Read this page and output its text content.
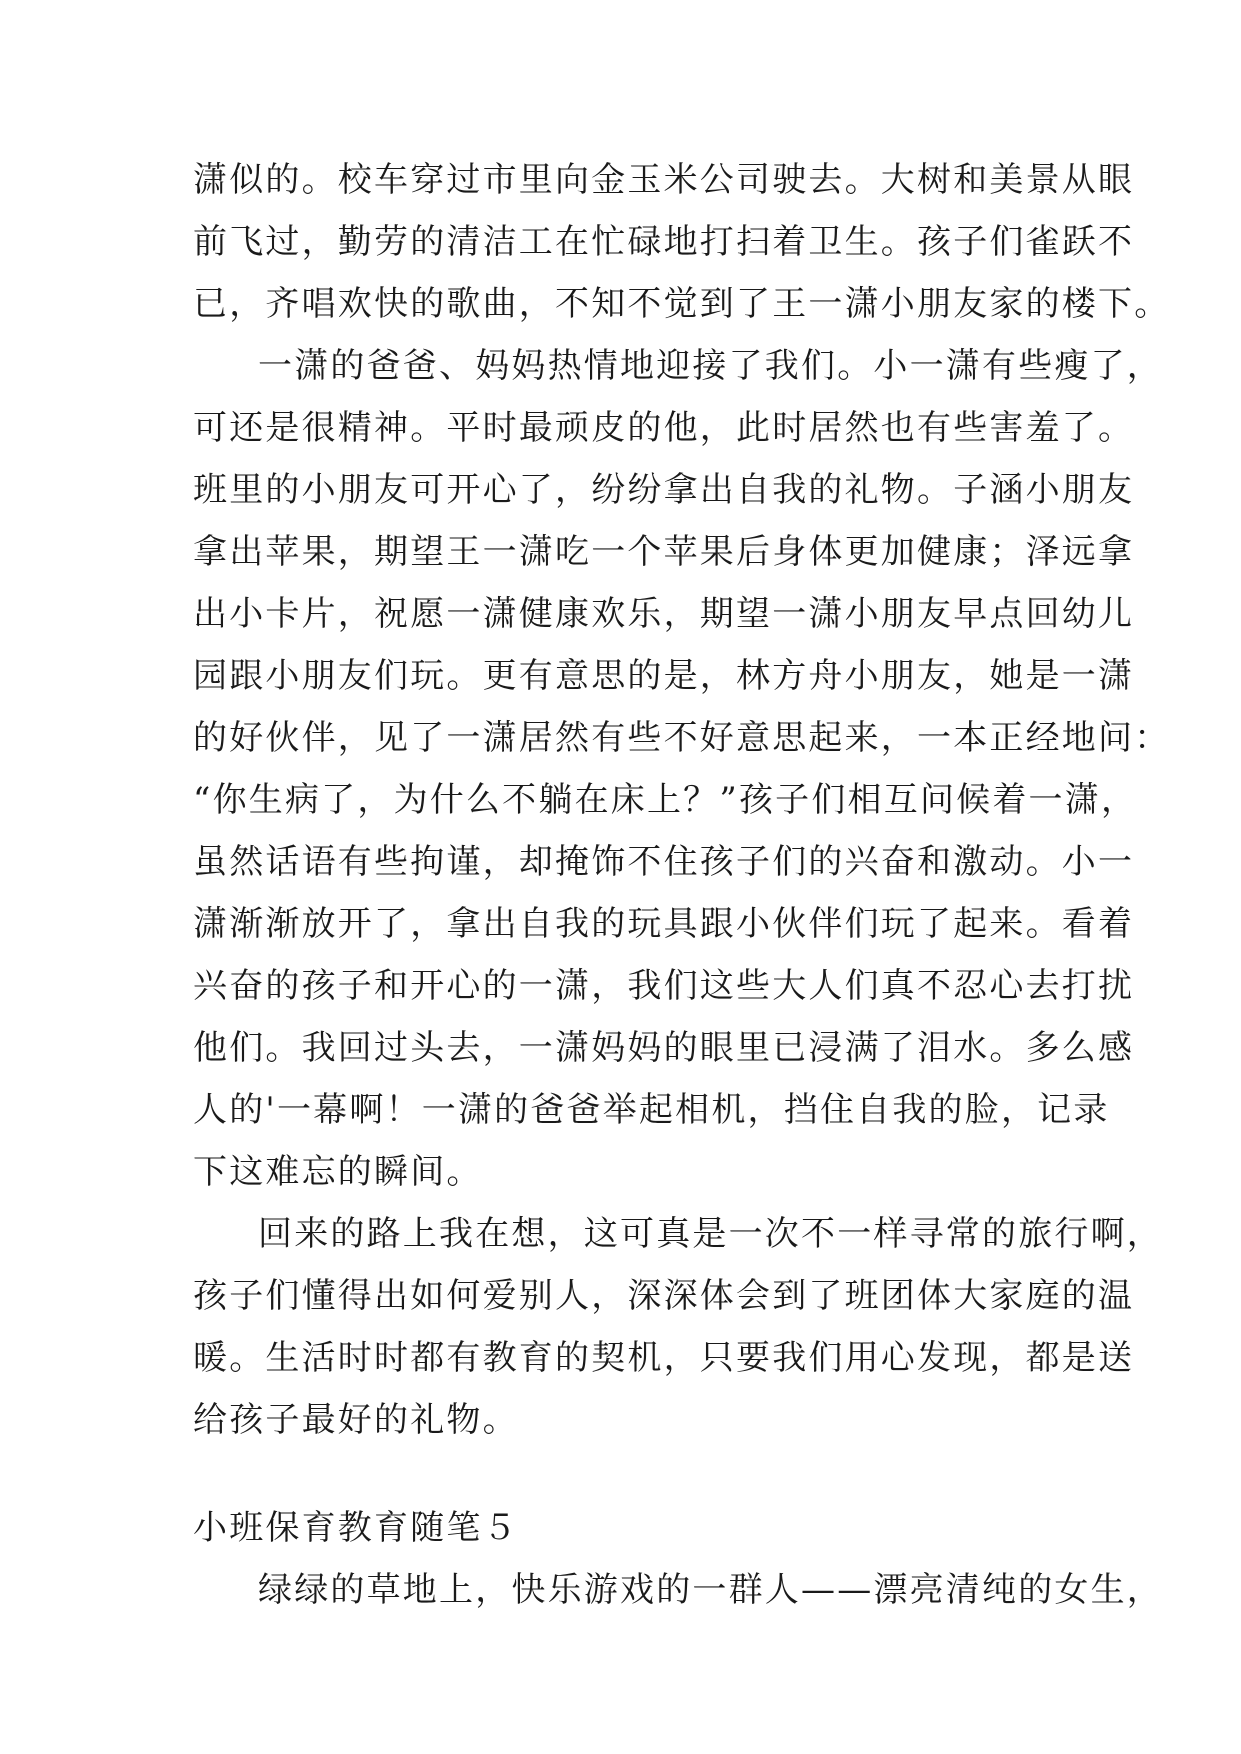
潇似的。校车穿过市里向金玉米公司驶去。大树和美景从眼
前飞过，勤劳的清洁工在忙碌地打扫着卫生。孩子们雀跃不
已，齐唱欢快的歌曲，不知不觉到了王一潇小朋友家的楼下。
一潇的爸爸、妈妈热情地迎接了我们。小一潇有些瘦了，
可还是很精神。平时最顽皮的他，此时居然也有些害羞了。
班里的小朋友可开心了，纷纷拿出自我的礼物。子涵小朋友
拿出苹果，期望王一潇吃一个苹果后身体更加健康；泽远拿
出小卡片，祝愿一潇健康欢乐，期望一潇小朋友早点回幼儿
园跟小朋友们玩。更有意思的是，林方舟小朋友，她是一潇
的好伙伴，见了一潇居然有些不好意思起来，一本正经地问：
“你生病了，为什么不躺在床上？”孩子们相互问候着一潇，
虽然话语有些拘谨，却掩饰不住孩子们的兴奋和激动。小一
潇渐渐放开了，拿出自我的玩具跟小伙伴们玩了起来。看着
兴奋的孩子和开心的一潇，我们这些大人们真不忍心去打扰
他们。我回过头去，一潇妈妈的眼里已浸满了泪水。多么感
人的'一幕啊！一潇的爸爸举起相机，挡住自我的脸，记录
下这难忘的瞬间。
回来的路上我在想，这可真是一次不一样寻常的旅行啊，
孩子们懂得出如何爱别人，深深体会到了班团体大家庭的温
暖。生活时时都有教育的契机，只要我们用心发现，都是送
给孩子最好的礼物。
小班保育教育随笔５
绿绿的草地上，快乐游戏的一群人——漂亮清纯的女生，
